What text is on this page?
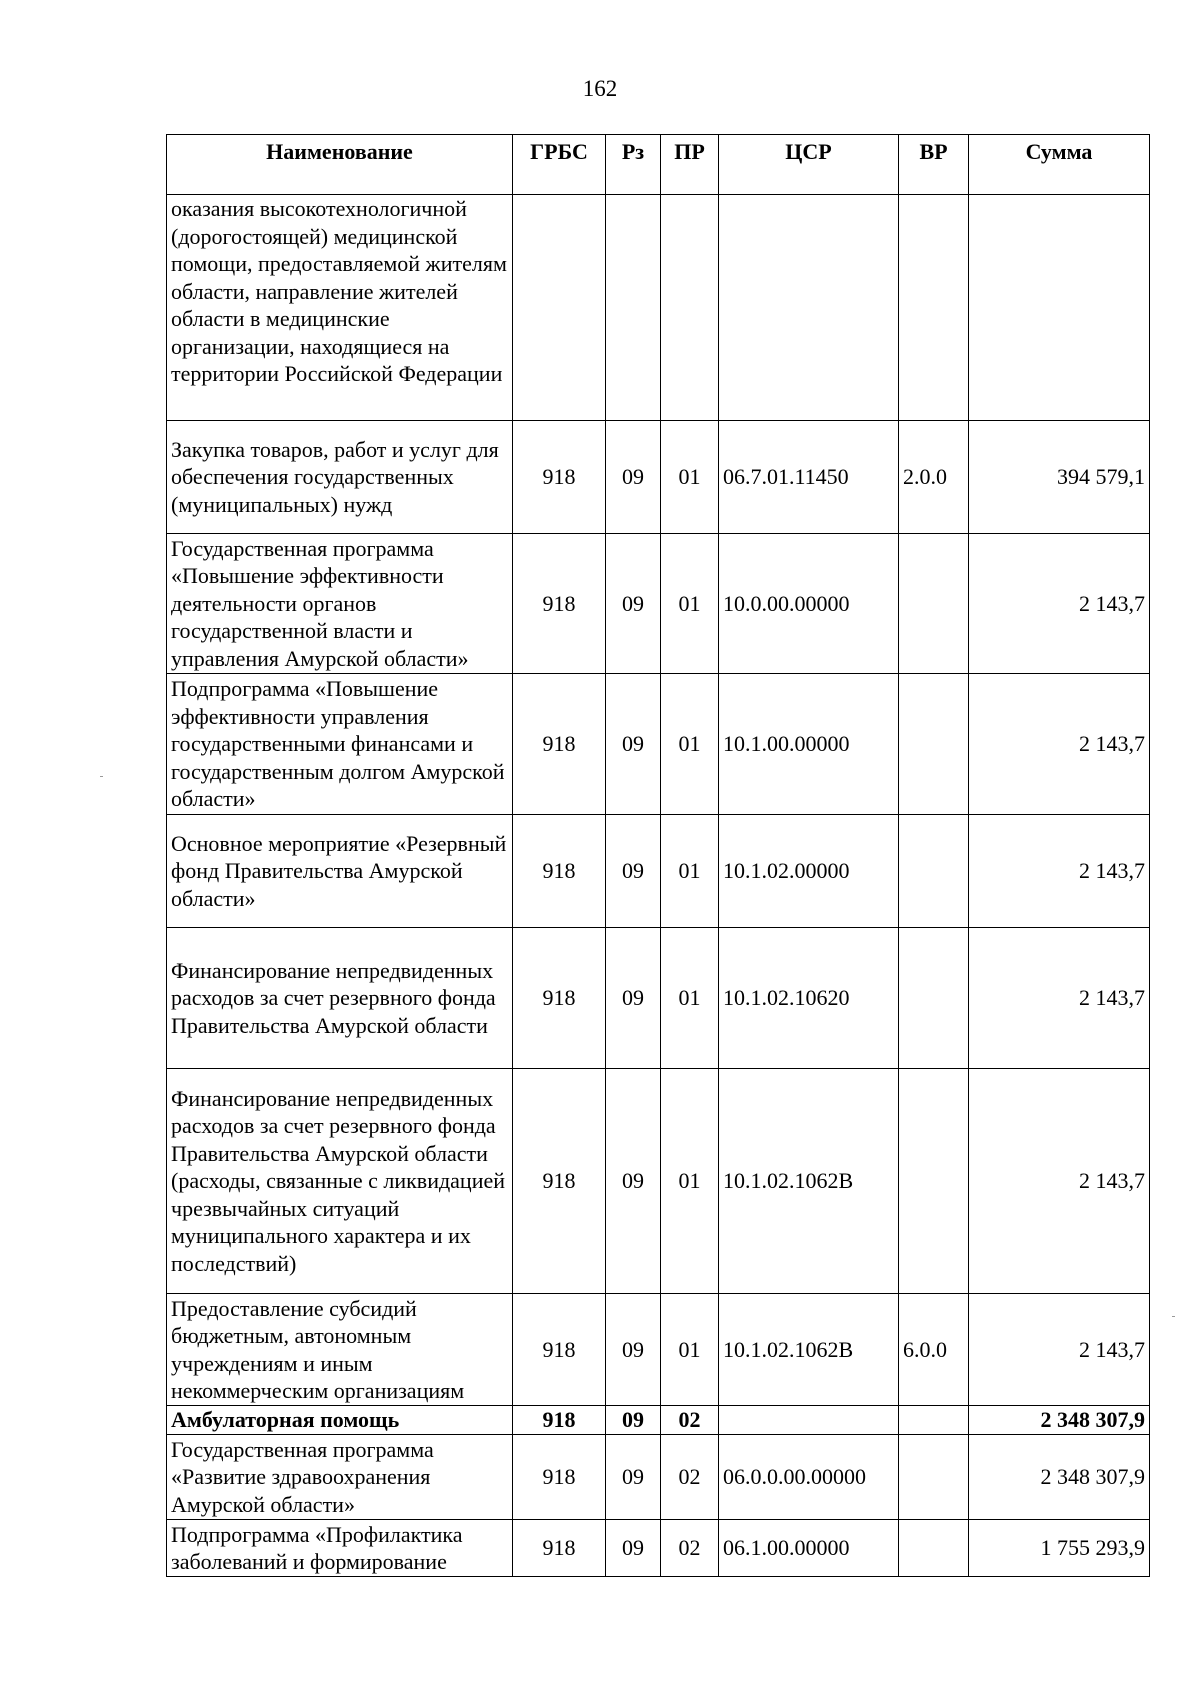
162
Наименование	ГРБС	Рз	ПР	ЦСР	ВР	Сумма
оказания высокотехнологичной (дорогостоящей) медицинской помощи, предоставляемой жителям области, направление жителей области в медицинские организации, находящиеся на территории Российской Федерации						
Закупка товаров, работ и услуг для обеспечения государственных (муниципальных) нужд	918	09	01	06.7.01.11450	2.0.0	394 579,1
Государственная программа «Повышение эффективности деятельности органов государственной власти и управления Амурской области»	918	09	01	10.0.00.00000		2 143,7
Подпрограмма «Повышение эффективности управления государственными финансами и государственным долгом Амурской области»	918	09	01	10.1.00.00000		2 143,7
Основное мероприятие «Резервный фонд Правительства Амурской области»	918	09	01	10.1.02.00000		2 143,7
Финансирование непредвиденных расходов за счет резервного фонда Правительства Амурской области	918	09	01	10.1.02.10620		2 143,7
Финансирование непредвиденных расходов за счет резервного фонда Правительства Амурской области (расходы, связанные с ликвидацией чрезвычайных ситуаций муниципального характера и их последствий)	918	09	01	10.1.02.1062В		2 143,7
Предоставление субсидий бюджетным, автономным учреждениям и иным некоммерческим организациям	918	09	01	10.1.02.1062В	6.0.0	2 143,7
Амбулаторная помощь	918	09	02			2 348 307,9
Государственная программа «Развитие здравоохранения Амурской области»	918	09	02	06.0.0.00.00000		2 348 307,9
Подпрограмма «Профилактика заболеваний и формирование	918	09	02	06.1.00.00000		1 755 293,9
